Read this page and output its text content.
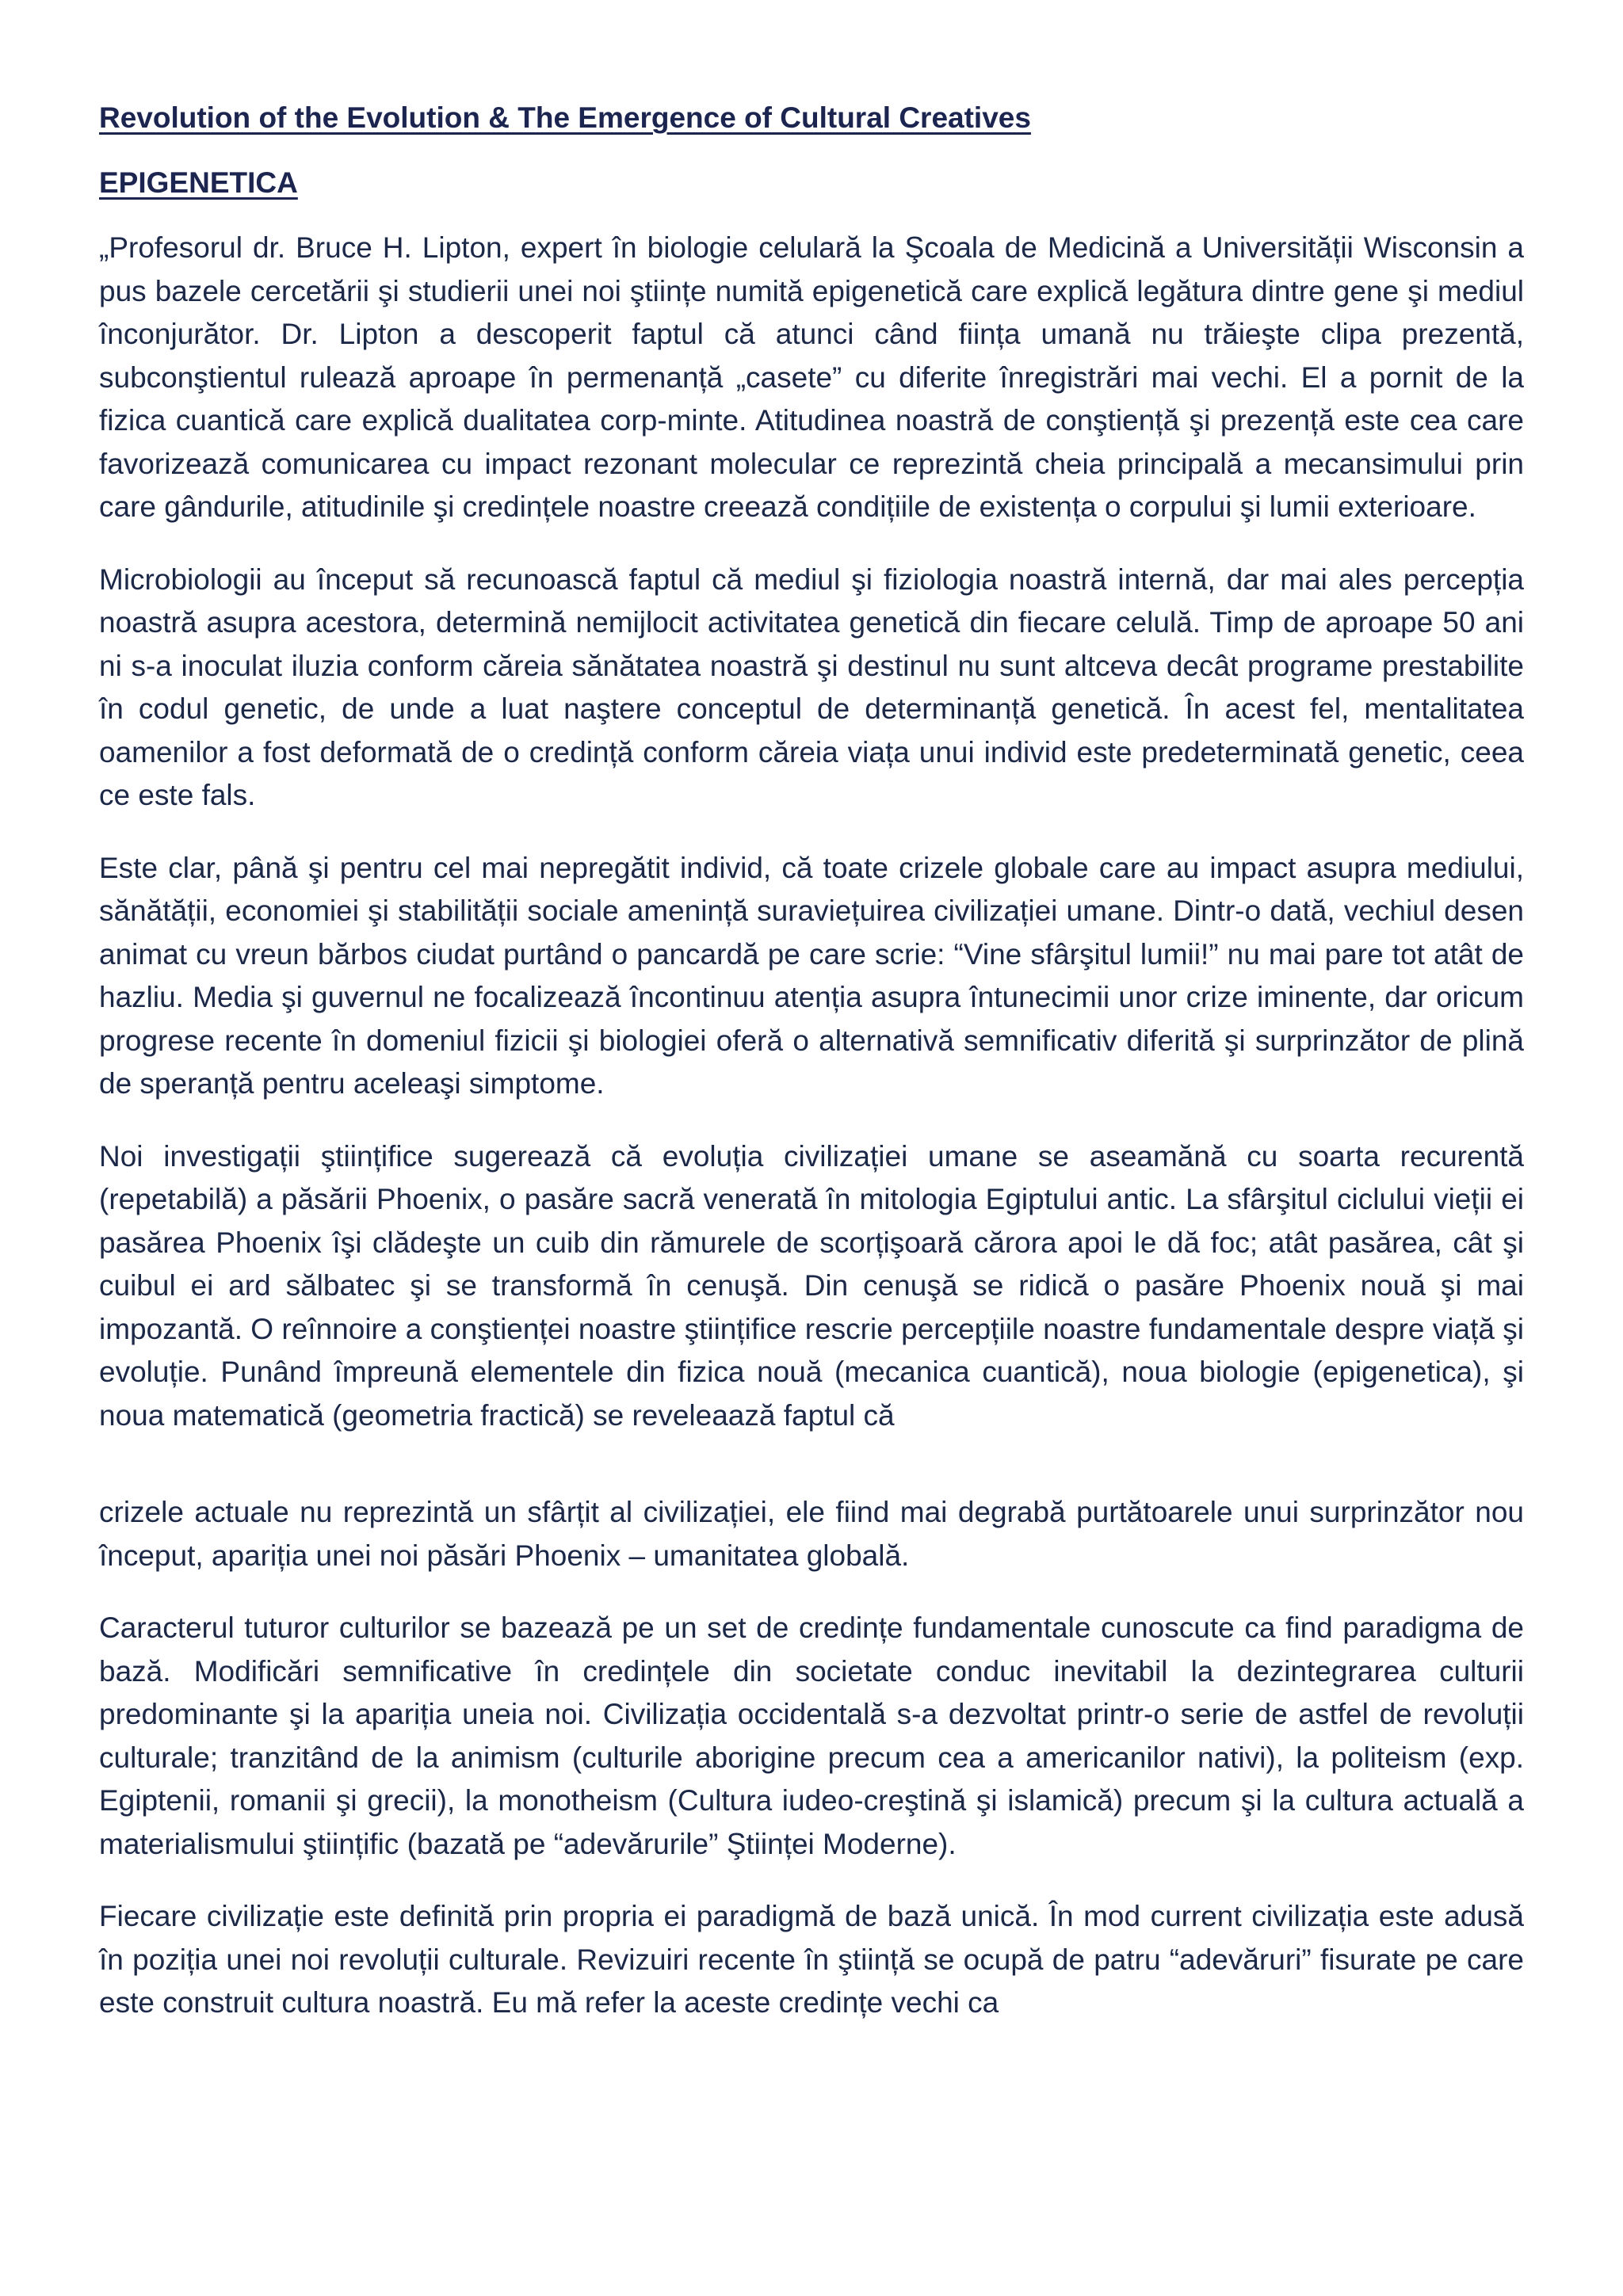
Revolution of the Evolution & The Emergence of Cultural Creatives

EPIGENETICA

„Profesorul dr. Bruce H. Lipton, expert în biologie celulară la Şcoala de Medicină a Universității Wisconsin a pus bazele cercetării şi studierii unei noi ştiințe numită epigenetică care explică legătura dintre gene şi mediul înconjurător. Dr. Lipton a descoperit faptul că atunci când ființa umană nu trăieşte clipa prezentă, subconştientul rulează aproape în permenanță „casete” cu diferite înregistrări mai vechi. El a pornit de la fizica cuantică care explică dualitatea corp-minte. Atitudinea noastră de conştiență şi prezență este cea care favorizează comunicarea cu impact rezonant molecular ce reprezintă cheia principală a mecansimului prin care gândurile, atitudinile şi credințele noastre creează condițiile de existența o corpului şi lumii exterioare.

Microbiologii au început să recunoască faptul că mediul şi fiziologia noastră internă, dar mai ales percepția noastră asupra acestora, determină nemijlocit activitatea genetică din fiecare celulă. Timp de aproape 50 ani ni s-a inoculat iluzia conform căreia sănătatea noastră şi destinul nu sunt altceva decât programe prestabilite în codul genetic, de unde a luat naştere conceptul de determinanță genetică. În acest fel, mentalitatea oamenilor a fost deformată de o credință conform căreia viața unui individ este predeterminată genetic, ceea ce este fals.

Este clar, până şi pentru cel mai nepregătit individ, că toate crizele globale care au impact asupra mediului, sănătății, economiei şi stabilității sociale amenință suraviețuirea civilizației umane. Dintr-o dată, vechiul desen animat cu vreun bărbos ciudat purtând o pancardă pe care scrie: “Vine sfârşitul lumii!” nu mai pare tot atât de hazliu. Media şi guvernul ne focalizează încontinuu atenția asupra întunecimii unor crize iminente, dar oricum progrese recente în domeniul fizicii şi biologiei oferă o alternativă semnificativ diferită şi surprinzător de plină de speranță pentru aceleaşi simptome.

Noi investigații ştiințifice sugerează că evoluția civilizației umane se aseamănă cu soarta recurentă (repetabilă) a păsării Phoenix, o pasăre sacră venerată în mitologia Egiptului antic. La sfârşitul ciclului vieții ei pasărea Phoenix îşi clădeşte un cuib din rămurele de scorțişoară cărora apoi le dă foc; atât pasărea, cât şi cuibul ei ard sălbatec şi se transformă în cenuşă. Din cenuşă se ridică o pasăre Phoenix nouă şi mai impozantă. O reînnoire a conştienței noastre ştiințifice rescrie percepțiile noastre fundamentale despre viață şi evoluție. Punând împreună elementele din fizica nouă (mecanica cuantică), noua biologie (epigenetica), şi noua matematică (geometria fractică) se reveleaază faptul că

crizele actuale nu reprezintă un sfârțit al civilizației, ele fiind mai degrabă purtătoarele unui surprinzător nou început, apariția unei noi păsări Phoenix – umanitatea globală.

Caracterul tuturor culturilor se bazează pe un set de credințe fundamentale cunoscute ca find paradigma de bază. Modificări semnificative în credințele din societate conduc inevitabil la dezintegrarea culturii predominante şi la apariția uneia noi. Civilizația occidentală s-a dezvoltat printr-o serie de astfel de revoluții culturale; tranzitând de la animism (culturile aborigine precum cea a americanilor nativi), la politeism (exp. Egiptenii, romanii şi grecii), la monotheism (Cultura iudeo-creştină şi islamică) precum şi la cultura actuală a materialismului ştiințific (bazată pe “adevărurile” Ştiinței Moderne).

Fiecare civilizație este definită prin propria ei paradigmă de bază unică. În mod current civilizația este adusă în poziția unei noi revoluții culturale. Revizuiri recente în ştiință se ocupă de patru “adevăruri” fisurate pe care este construit cultura noastră. Eu mă refer la aceste credințe vechi ca
